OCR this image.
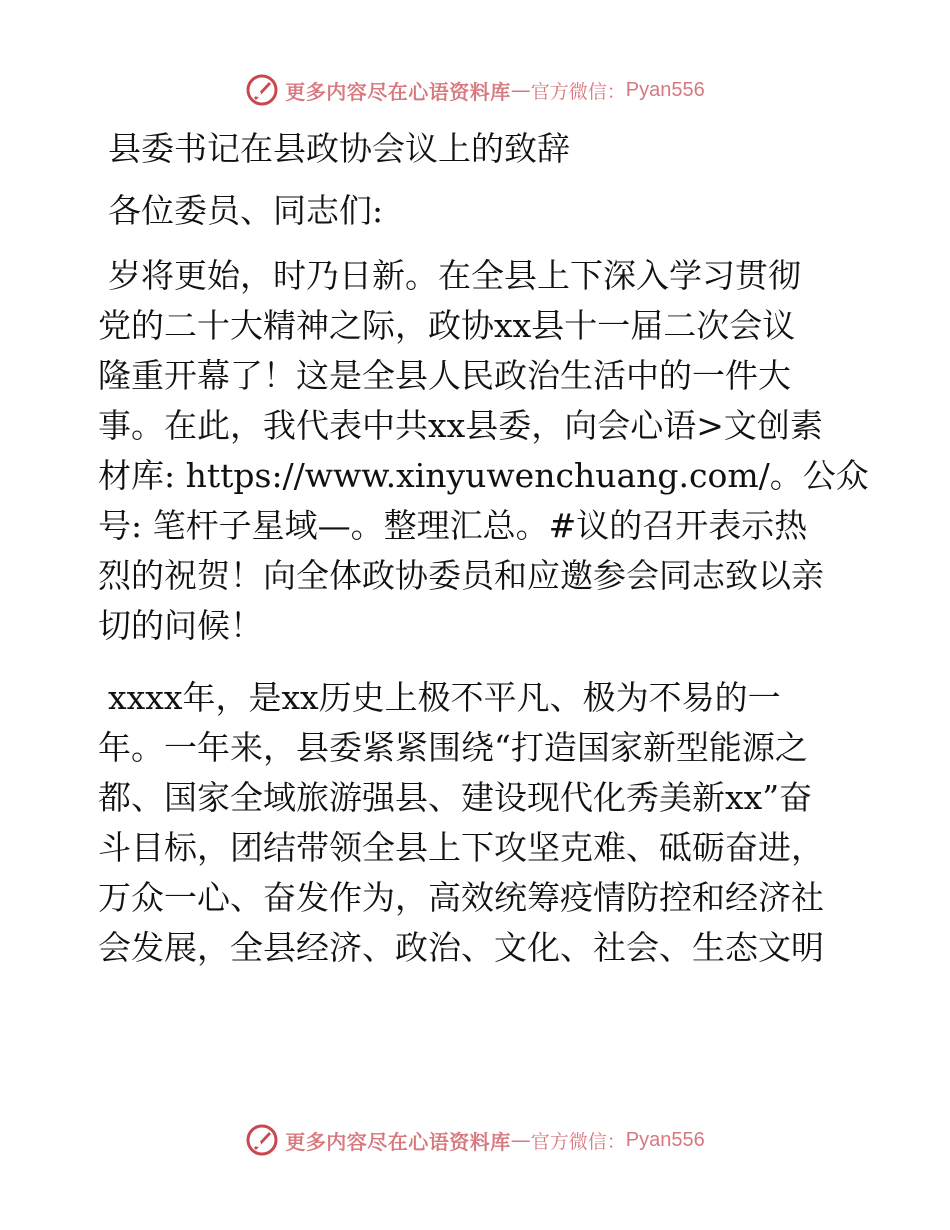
更多内容尽在心语资料库 — 官方微信： Pyan556
县委书记在县政协会议上的致辞
各位委员、同志们:
岁将更始，时乃日新。在全县上下深入学习贯彻
党的二十大精神之际，政协xx县十一届二次会议
隆重开幕了！这是全县人民政治生活中的一件大
事。在此，我代表中共xx县委，向会心语>文创素
材库: https://www.xinyuwenchuang.com/。公众
号: 笔杆子星域—。整理汇总。#议的召开表示热
烈的祝贺！向全体政协委员和应邀参会同志致以亲
切的问候！
xxxx年，是xx历史上极不平凡、极为不易的一
年。一年来，县委紧紧围绕“打造国家新型能源之
都、国家全域旅游强县、建设现代化秀美新xx”奋
斗目标，团结带领全县上下攻坚克难、砥砺奋进，
万众一心、奋发作为，高效统筹疫情防控和经济社
会发展，全县经济、政治、文化、社会、生态文明
更多内容尽在心语资料库 — 官方微信： Pyan556
